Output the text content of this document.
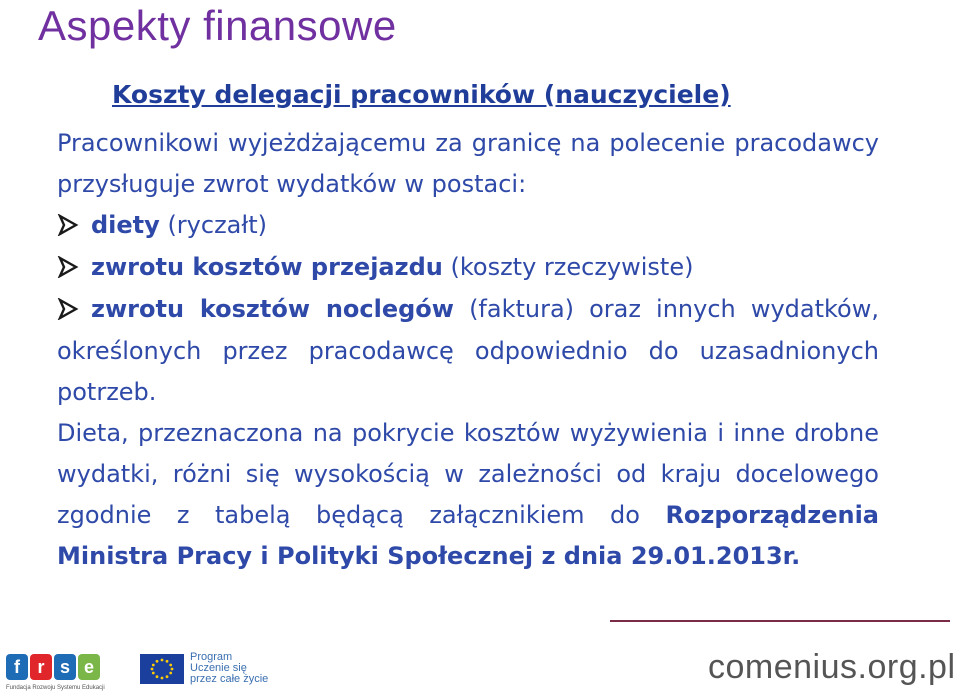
Aspekty finansowe
Koszty delegacji pracowników (nauczyciele)

Pracownikowi wyjeżdżającemu za granicę na polecenie pracodawcy przysługuje zwrot wydatków w postaci:

diety (ryczałt)

zwrotu kosztów przejazdu (koszty rzeczywiste)

zwrotu kosztów noclegów (faktura) oraz innych wydatków, określonych przez pracodawcę odpowiednio do uzasadnionych potrzeb.

Dieta, przeznaczona na pokrycie kosztów wyżywienia i inne drobne wydatki, różni się wysokością w zależności od kraju docelowego zgodnie z tabelą będącą załącznikiem do Rozporządzenia Ministra Pracy i Polityki Społecznej z dnia 29.01.2013r.

f r s e
Fundacja Rozwoju Systemu Edukacji
Program
Uczenie się
przez całe życie	comenius.org.pl
